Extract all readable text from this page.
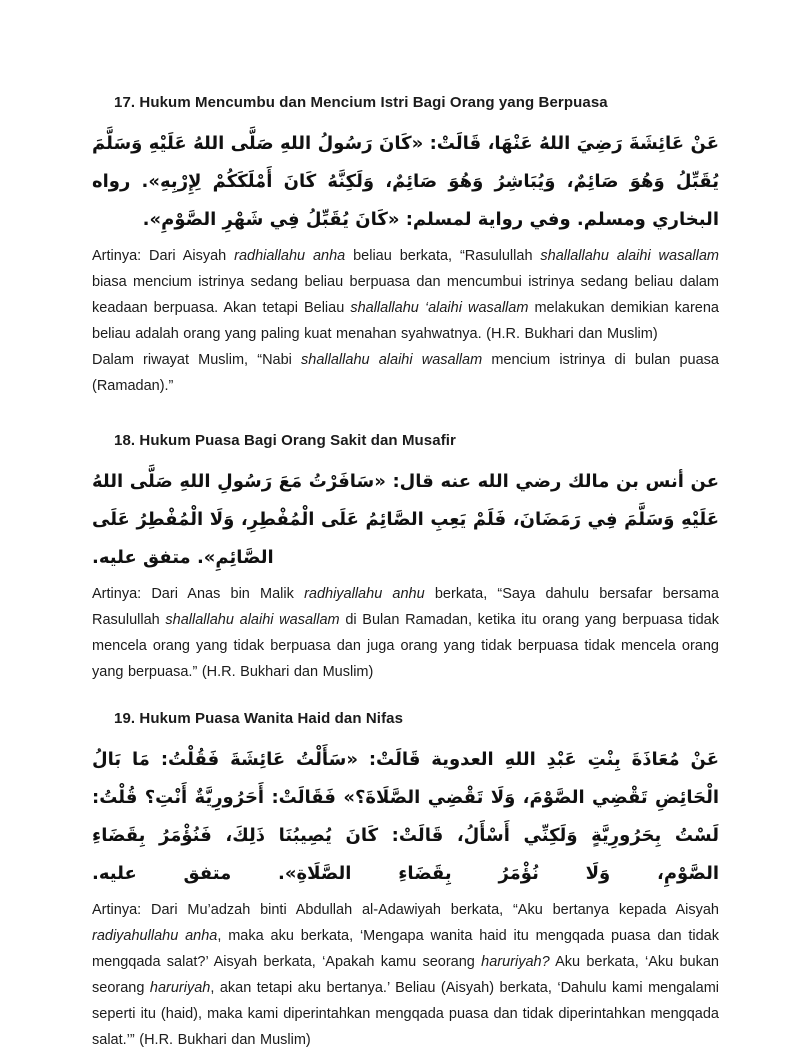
17. Hukum Mencumbu dan Mencium Istri Bagi Orang yang Berpuasa

عَنْ عَائِشَةَ رَضِيَ اللهُ عَنْهَا، قَالَتْ: «كَانَ رَسُولُ اللهِ صَلَّى اللهُ عَلَيْهِ وَسَلَّمَ يُقَبِّلُ وَهُوَ صَائِمٌ، وَيُبَاشِرُ وَهُوَ صَائِمٌ، وَلَكِنَّهُ كَانَ أَمْلَكَكُمْ لِإِرْبِهِ». رواه البخاري ومسلم. وفي رواية لمسلم: «كَانَ يُقَبِّلُ فِي شَهْرِ الصَّوْمِ».

Artinya: Dari Aisyah radhiallahu anha beliau berkata, “Rasulullah shallallahu alaihi wasallam biasa mencium istrinya sedang beliau berpuasa dan mencumbui istrinya sedang beliau dalam keadaan berpuasa. Akan tetapi Beliau shallallahu ‘alaihi wasallam melakukan demikian karena beliau adalah orang yang paling kuat menahan syahwatnya. (H.R. Bukhari dan Muslim)

Dalam riwayat Muslim, “Nabi shallallahu alaihi wasallam mencium istrinya di bulan puasa (Ramadan).”

18. Hukum Puasa Bagi Orang Sakit dan Musafir

عن أنس بن مالك رضي الله عنه قال: «سَافَرْتُ مَعَ رَسُولِ اللهِ صَلَّى اللهُ عَلَيْهِ وَسَلَّمَ فِي رَمَضَانَ، فَلَمْ يَعِبِ الصَّائِمُ عَلَى الْمُفْطِرِ، وَلَا الْمُفْطِرُ عَلَى الصَّائِمِ». متفق عليه.

Artinya: Dari Anas bin Malik radhiyallahu anhu berkata, “Saya dahulu bersafar bersama Rasulullah shallallahu alaihi wasallam di Bulan Ramadan, ketika itu orang yang berpuasa tidak mencela orang yang tidak berpuasa dan juga orang yang tidak berpuasa tidak mencela orang yang berpuasa.” (H.R. Bukhari dan Muslim)

19. Hukum Puasa Wanita Haid dan Nifas

عَنْ مُعَاذَةَ بِنْتِ عَبْدِ اللهِ العدوية قَالَتْ: «سَأَلْتُ عَائِشَةَ فَقُلْتُ: مَا بَالُ الْحَائِضِ تَقْضِي الصَّوْمَ، وَلَا تَقْضِي الصَّلَاةَ؟» فَقَالَتْ: أَحَرُورِيَّةٌ أَنْتِ؟ قُلْتُ: لَسْتُ بِحَرُورِيَّةٍ وَلَكِنِّي أَسْأَلُ، قَالَتْ: كَانَ يُصِيبُنَا ذَلِكَ، فَنُؤْمَرُ بِقَضَاءِ الصَّوْمِ، وَلَا نُؤْمَرُ بِقَضَاءِ الصَّلَاةِ». متفق عليه.

Artinya: Dari Mu’adzah binti Abdullah al-Adawiyah berkata, “Aku bertanya kepada Aisyah radiyahullahu anha, maka aku berkata, ‘Mengapa wanita haid itu mengqada puasa dan tidak mengqada salat?’ Aisyah berkata, ‘Apakah kamu seorang haruriyah? Aku berkata, ‘Aku bukan seorang haruriyah, akan tetapi aku bertanya.’ Beliau (Aisyah) berkata, ‘Dahulu kami mengalami seperti itu (haid), maka kami diperintahkan mengqada puasa dan tidak diperintahkan mengqada salat.’” (H.R. Bukhari dan Muslim)
